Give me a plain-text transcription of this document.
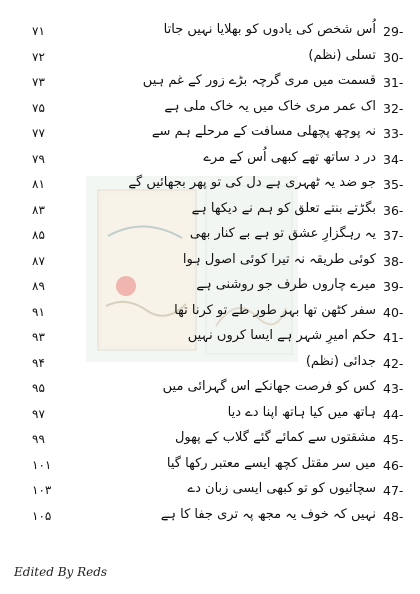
29-
اُس شخص کی یادوں کو بھلایا نہیں جاتا
۷۱
30-
تسلی (نظم)
۷۲
31-
قسمت میں مری گرچہ بڑے زور کے غم ہیں
۷۳
32-
اک عمر مری خاک میں یہ خاک ملی ہے
۷۵
33-
نہ پوچھ پچھلی مسافت کے مرحلے ہم سے
۷۷
34-
در د ساتھ تھے کبھی اُس کے مرے
۷۹
35-
جو ضد یہ ٹھہری ہے دل کی تو پھر بجھائیں گے
۸۱
36-
بگڑتے بنتے تعلق کو ہم نے دیکھا ہے
۸۳
37-
یہ رہگزارِ عشق تو ہے بے کنار بھی
۸۵
38-
کوئی طریقہ نہ تیرا کوئی اصول ہوا
۸۷
39-
میرے چاروں طرف جو روشنی ہے
۸۹
40-
سفر کٹھن تھا بہر طور طے تو کرنا تھا
۹۱
41-
حکم امیرِ شہر ہے ایسا کروں نہیں
۹۳
42-
جدائی (نظم)
۹۴
43-
کس کو فرصت جھانکے اس گہرائی میں
۹۵
44-
ہاتھ میں کیا ہاتھ اپنا دے دیا
۹۷
45-
مشقتوں سے کمائے گئے گلاب کے پھول
۹۹
46-
میں سر مقتل کچھ ایسے معتبر رکھا گیا
۱۰۱
47-
سچائیوں کو تو کبھی ایسی زبان دے
۱۰۳
48-
نہیں کہ خوف یہ مجھ پہ تری جفا کا ہے
۱۰۵
Edited By Reds
